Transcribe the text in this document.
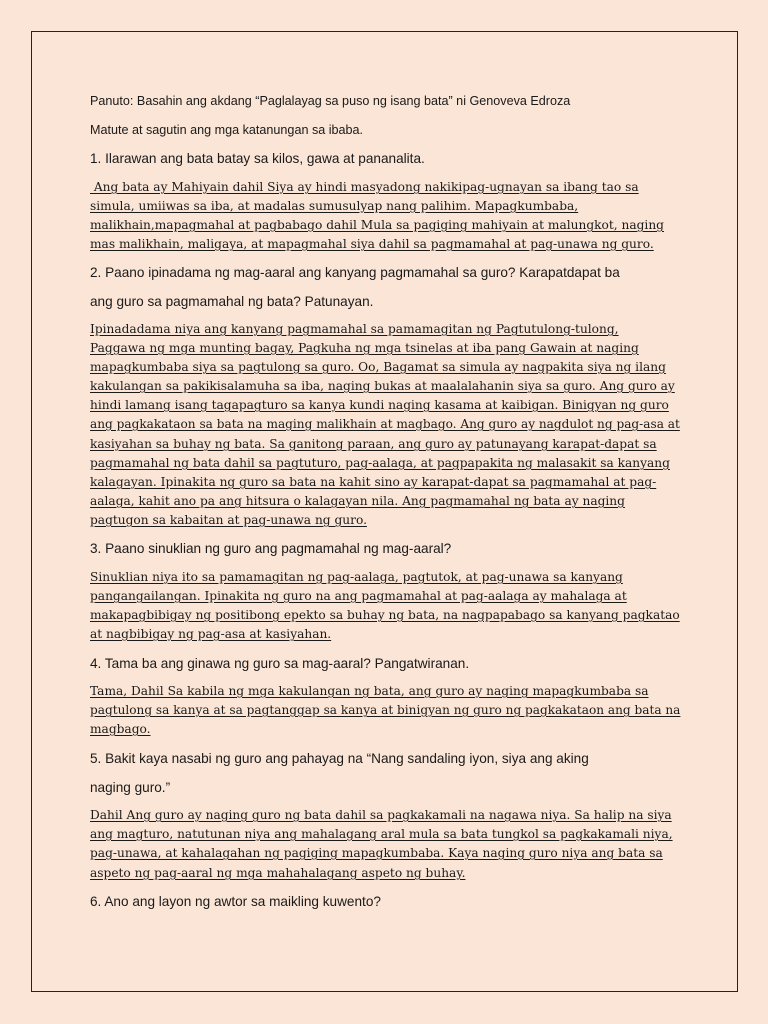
Panuto: Basahin ang akdang “Paglalayag sa puso ng isang bata” ni Genoveva Edroza

Matute at sagutin ang mga katanungan sa ibaba.

1. Ilarawan ang bata batay sa kilos, gawa at pananalita.

Ang bata ay Mahiyain dahil Siya ay hindi masyadong nakikipag-ugnayan sa ibang tao sa

simula, umiiwas sa iba, at madalas sumusulyap nang palihim. Mapagkumbaba,

malikhain,mapagmahal at pagbabago dahil Mula sa pagiging mahiyain at malungkot, naging

mas malikhain, maligaya, at mapagmahal siya dahil sa pagmamahal at pag-unawa ng guro.

2. Paano ipinadama ng mag-aaral ang kanyang pagmamahal sa guro? Karapatdapat ba

ang guro sa pagmamahal ng bata? Patunayan.

Ipinadadama niya ang kanyang pagmamahal sa pamamagitan ng Pagtutulong-tulong,

Paggawa ng mga munting bagay, Pagkuha ng mga tsinelas at iba pang Gawain at naging

mapagkumbaba siya sa pagtulong sa guro. Oo, Bagamat sa simula ay nagpakita siya ng ilang

kakulangan sa pakikisalamuha sa iba, naging bukas at maalalahanin siya sa guro. Ang guro ay

hindi lamang isang tagapagturo sa kanya kundi naging kasama at kaibigan. Binigyan ng guro

ang pagkakataon sa bata na maging malikhain at magbago. Ang guro ay nagdulot ng pag-asa at

kasiyahan sa buhay ng bata. Sa ganitong paraan, ang guro ay patunayang karapat-dapat sa

pagmamahal ng bata dahil sa pagtuturo, pag-aalaga, at pagpapakita ng malasakit sa kanyang

kalagayan. Ipinakita ng guro sa bata na kahit sino ay karapat-dapat sa pagmamahal at pag-

aalaga, kahit ano pa ang hitsura o kalagayan nila. Ang pagmamahal ng bata ay naging

pagtugon sa kabaitan at pag-unawa ng guro.

3. Paano sinuklian ng guro ang pagmamahal ng mag-aaral?

Sinuklian niya ito sa pamamagitan ng pag-aalaga, pagtutok, at pag-unawa sa kanyang

pangangailangan. Ipinakita ng guro na ang pagmamahal at pag-aalaga ay mahalaga at

makapagbibigay ng positibong epekto sa buhay ng bata, na nagpapabago sa kanyang pagkatao

at nagbibigay ng pag-asa at kasiyahan.

4. Tama ba ang ginawa ng guro sa mag-aaral? Pangatwiranan.

Tama, Dahil Sa kabila ng mga kakulangan ng bata, ang guro ay naging mapagkumbaba sa

pagtulong sa kanya at sa pagtanggap sa kanya at binigyan ng guro ng pagkakataon ang bata na

magbago.

5. Bakit kaya nasabi ng guro ang pahayag na “Nang sandaling iyon, siya ang aking

naging guro.”

Dahil Ang guro ay naging guro ng bata dahil sa pagkakamali na nagawa niya. Sa halip na siya

ang magturo, natutunan niya ang mahalagang aral mula sa bata tungkol sa pagkakamali niya,

pag-unawa, at kahalagahan ng pagiging mapagkumbaba. Kaya naging guro niya ang bata sa

aspeto ng pag-aaral ng mga mahahalagang aspeto ng buhay.

6. Ano ang layon ng awtor sa maikling kuwento?
